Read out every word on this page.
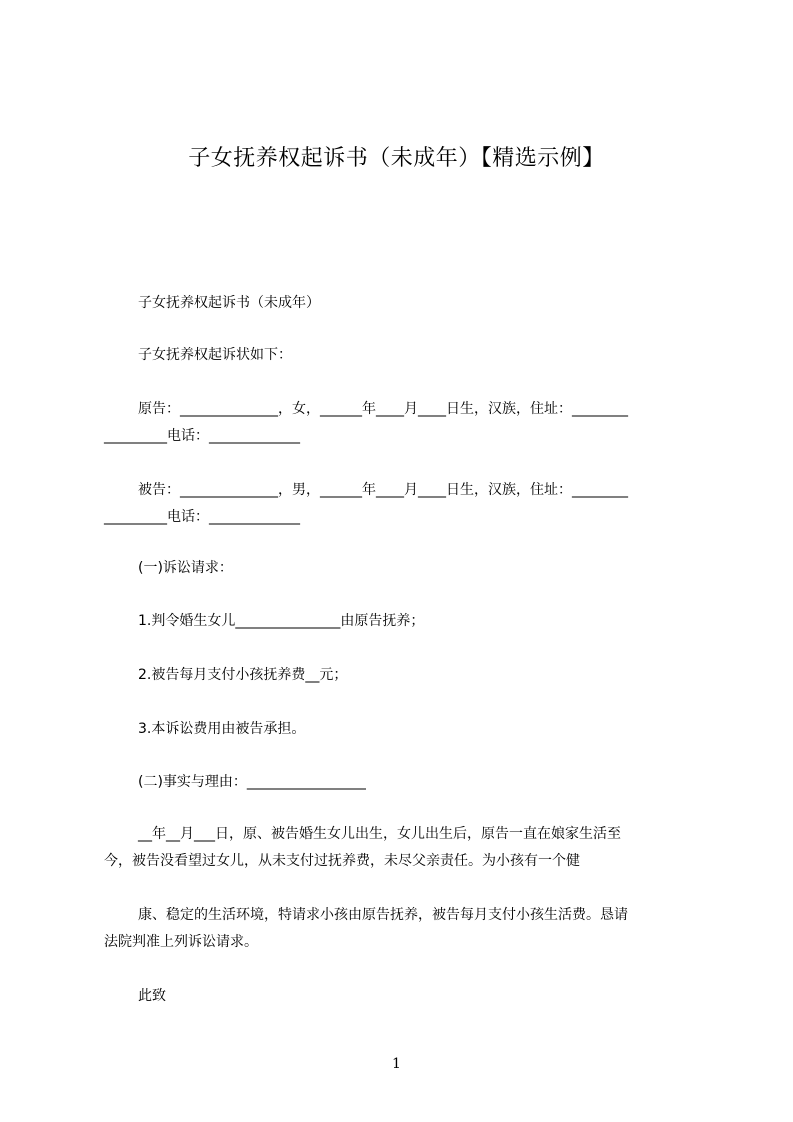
子女抚养权起诉书（未成年）【精选示例】
子女抚养权起诉书（未成年）
子女抚养权起诉状如下：
原告：______________，女，______年____月____日生，汉族，住址：________
_________电话：_____________
被告：______________，男，______年____月____日生，汉族，住址：________
_________电话：_____________
(一)诉讼请求：
1.判令婚生女儿_______________由原告抚养；
2.被告每月支付小孩抚养费__元；
3.本诉讼费用由被告承担。
(二)事实与理由：_________________
__年__月___日，原、被告婚生女儿出生，女儿出生后，原告一直在娘家生活至
今，被告没看望过女儿，从未支付过抚养费，未尽父亲责任。为小孩有一个健
康、稳定的生活环境，特请求小孩由原告抚养，被告每月支付小孩生活费。恳请
法院判准上列诉讼请求。
此致
1
